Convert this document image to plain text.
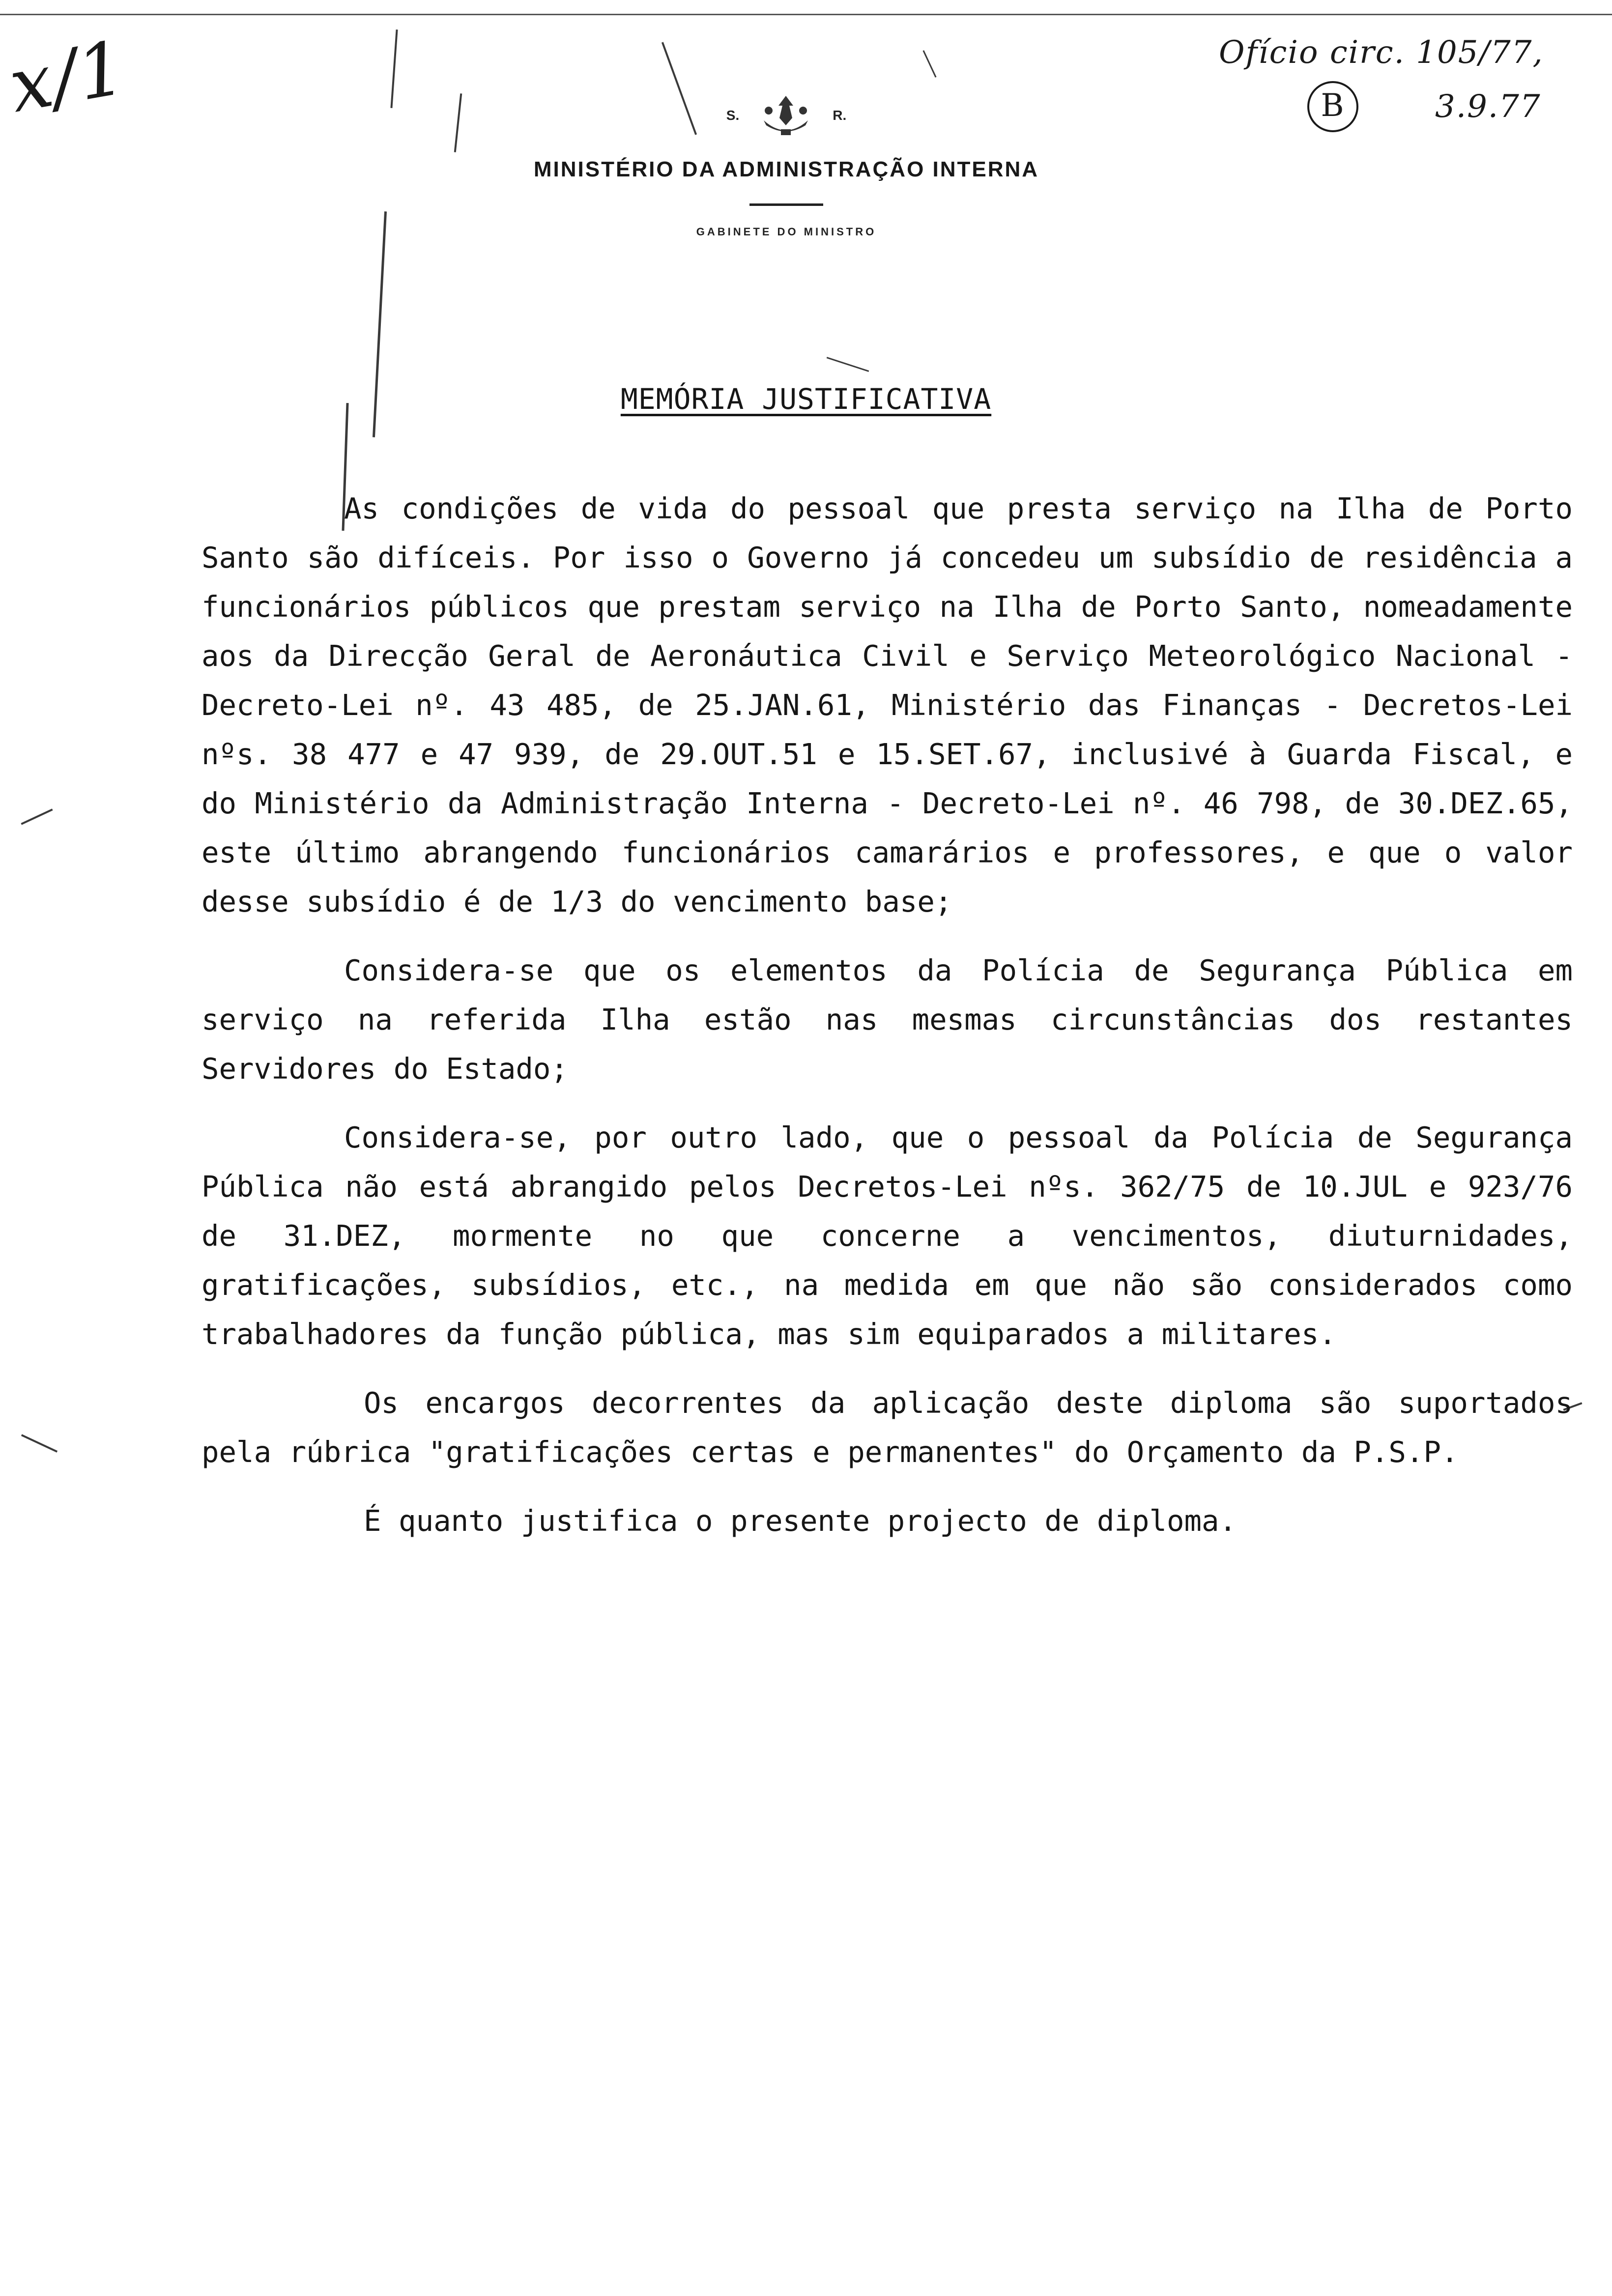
x/1	Ofício circ. 105/77,
B	3.9.77
S.	R.
MINISTÉRIO DA ADMINISTRAÇÃO INTERNA
GABINETE DO MINISTRO
MEMÓRIA JUSTIFICATIVA

As condições de vida do pessoal que presta serviço na Ilha de Porto Santo são difíceis. Por isso o Governo já concedeu um subsídio de residência a funcionários públicos que prestam serviço na Ilha de Porto Santo, nomeadamente aos da Direcção Geral de Aeronáutica Civil e Serviço Meteorológico Nacional - Decreto-Lei nº. 43 485, de 25.JAN.61, Ministério das Finanças - Decretos-Lei nºs. 38 477 e 47 939, de 29.OUT.51 e 15.SET.67, inclusivé à Guarda Fiscal, e do Ministério da Administração Interna - Decreto-Lei nº. 46 798, de 30.DEZ.65, este último abrangendo funcionários camarários e professores, e que o valor desse subsídio é de 1/3 do vencimento base;

Considera-se que os elementos da Polícia de Segurança Pública em serviço na referida Ilha estão nas mesmas circunstâncias dos restantes Servidores do Estado;

Considera-se, por outro lado, que o pessoal da Polícia de Segurança Pública não está abrangido pelos Decretos-Lei nºs. 362/75 de 10.JUL e 923/76 de 31.DEZ, mormente no que concerne a vencimentos, diuturnidades, gratificações, subsídios, etc., na medida em que não são considerados como trabalhadores da função pública, mas sim equiparados a militares.

Os encargos decorrentes da aplicação deste diploma são suportados pela rúbrica "gratificações certas e permanentes" do Orçamento da P.S.P.

É quanto justifica o presente projecto de diploma.
